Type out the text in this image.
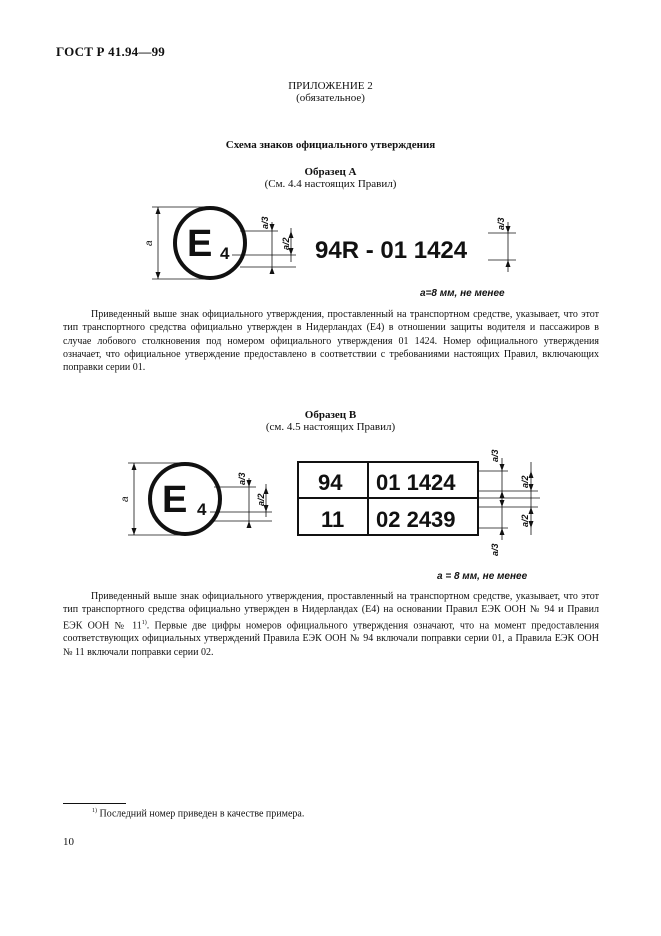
ГОСТ Р 41.94—99
ПРИЛОЖЕНИЕ 2
(обязательное)
Схема знаков официального утверждения
Образец А
(См. 4.4 настоящих Правил)
E 4	94R - 01 1424
a
a/3
a/2
a/3
a=8 мм, не менее

Приведенный выше знак официального утверждения, проставленный на транспортном средстве, указывает, что этот тип транспортного средства официально утвержден в Нидерландах (E4) в отношении защиты водителя и пассажиров в случае лобового столкновения под номером официального утверждения 01 1424. Номер официального утверждения означает, что официальное утверждение предоставлено в соответствии с требованиями настоящих Правил, включающих поправки серии 01.

Образец В
(см. 4.5 настоящих Правил)
E 4
94 01 1424
11 02 2439
a
a/3
a/2
a/3
a/2
a/2
a/3
a = 8 мм, не менее

Приведенный выше знак официального утверждения, проставленный на транспортном средстве, указывает, что этот тип транспортного средства официально утвержден в Нидерландах (E4) на основании Правил ЕЭК ООН № 94 и Правил ЕЭК ООН № 11$^{1)}$. Первые две цифры номеров официального утверждения означают, что на момент предоставления соответствующих официальных утверждений Правила ЕЭК ООН № 94 включали поправки серии 01, а Правила ЕЭК ООН № 11 включали поправки серии 02.

$^{1)}$ Последний номер приведен в качестве примера.
10
